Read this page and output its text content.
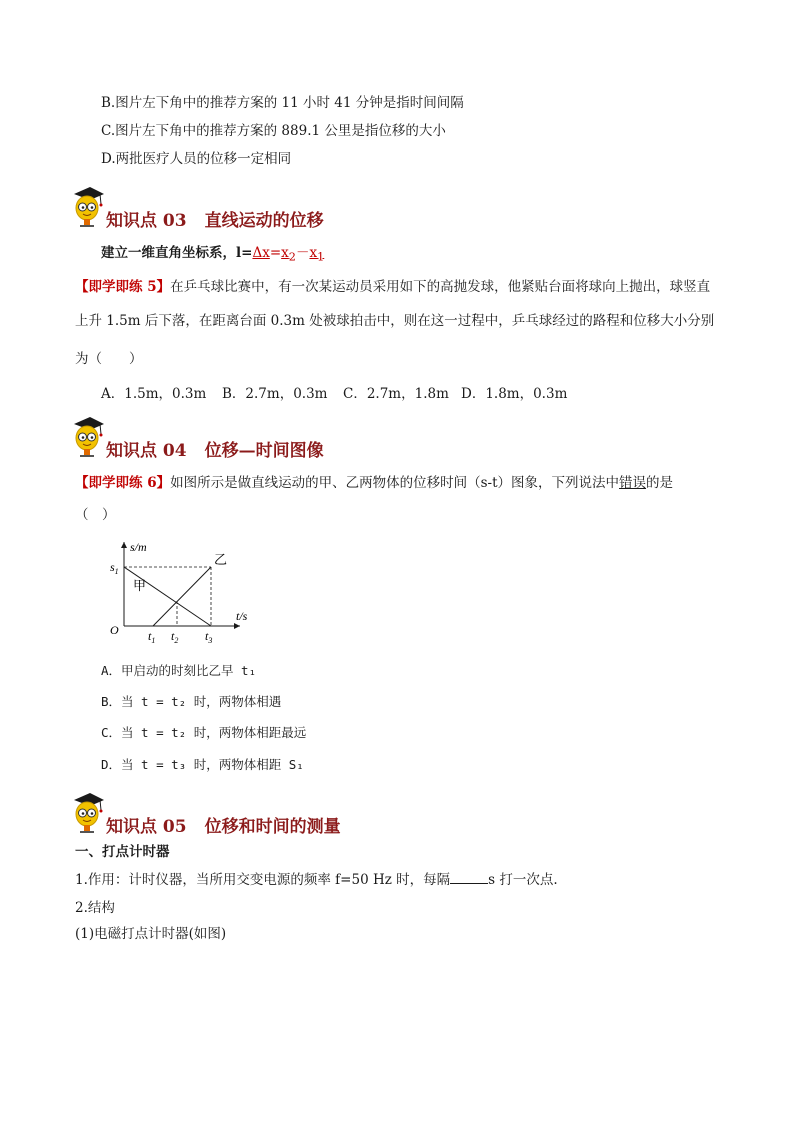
B.图片左下角中的推荐方案的 11 小时 41 分钟是指时间间隔
C.图片左下角中的推荐方案的 889.1 公里是指位移的大小
D.两批医疗人员的位移一定相同
知识点 03 直线运动的位移
建立一维直角坐标系，$l=\Delta x=x_2-x_1$
【即学即练 5】在乒乓球比赛中，有一次某运动员采用如下的高抛发球，他紧贴台面将球向上抛出，球竖直
上升 1.5m 后下落，在距离台面 0.3m 处被球拍击中，则在这一过程中，乒乓球经过的路程和位移大小分别
为（　　）
A．1.5m，0.3m B．2.7m，0.3m C．2.7m，1.8m D．1.8m，0.3m
知识点 04 位移—时间图像
【即学即练 6】如图所示是做直线运动的甲、乙两物体的位移时间（s-t）图象，下列说法中错误的是
（　）
s/m
t/s
O
$s_1$
$t_1$ $t_2$ $t_3$
甲
乙
A．甲启动的时刻比乙早 t₁
B．当 t = t₂ 时，两物体相遇
C．当 t = t₂ 时，两物体相距最远
D．当 t = t₃ 时，两物体相距 S₁
知识点 05 位移和时间的测量
一、打点计时器
1.作用：计时仪器，当所用交变电源的频率 f=50 Hz 时，每隔	s 打一次点.
2.结构
(1)电磁打点计时器(如图)
